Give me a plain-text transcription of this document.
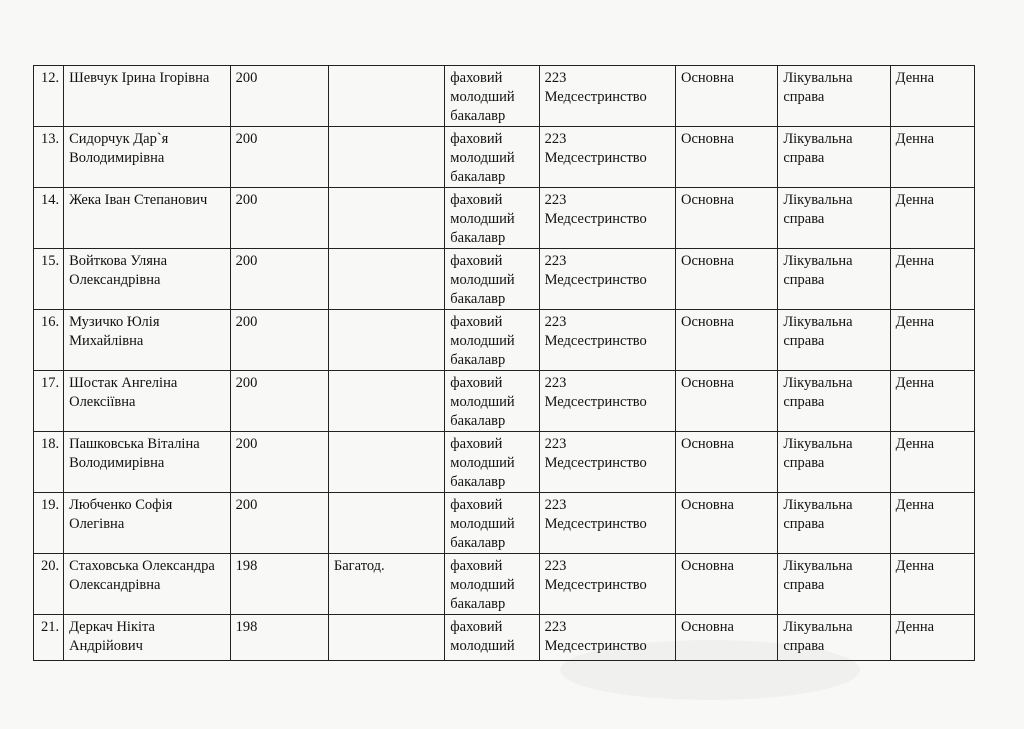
12.	Шевчук Ірина Ігорівна	200		фаховий молодший бакалавр	223 Медсестринство	Основна	Лікувальна справа	Денна
13.	Сидорчук Дар`я Володимирівна	200		фаховий молодший бакалавр	223 Медсестринство	Основна	Лікувальна справа	Денна
14.	Жека Іван Степанович	200		фаховий молодший бакалавр	223 Медсестринство	Основна	Лікувальна справа	Денна
15.	Войткова Уляна Олександрівна	200		фаховий молодший бакалавр	223 Медсестринство	Основна	Лікувальна справа	Денна
16.	Музичко Юлія Михайлівна	200		фаховий молодший бакалавр	223 Медсестринство	Основна	Лікувальна справа	Денна
17.	Шостак Ангеліна Олексіївна	200		фаховий молодший бакалавр	223 Медсестринство	Основна	Лікувальна справа	Денна
18.	Пашковська Віталіна Володимирівна	200		фаховий молодший бакалавр	223 Медсестринство	Основна	Лікувальна справа	Денна
19.	Любченко Софія Олегівна	200		фаховий молодший бакалавр	223 Медсестринство	Основна	Лікувальна справа	Денна
20.	Стаховська Олександра Олександрівна	198	Багатод.	фаховий молодший бакалавр	223 Медсестринство	Основна	Лікувальна справа	Денна
21.	Деркач Нікіта Андрійович	198		фаховий молодший	223 Медсестринство	Основна	Лікувальна справа	Денна
